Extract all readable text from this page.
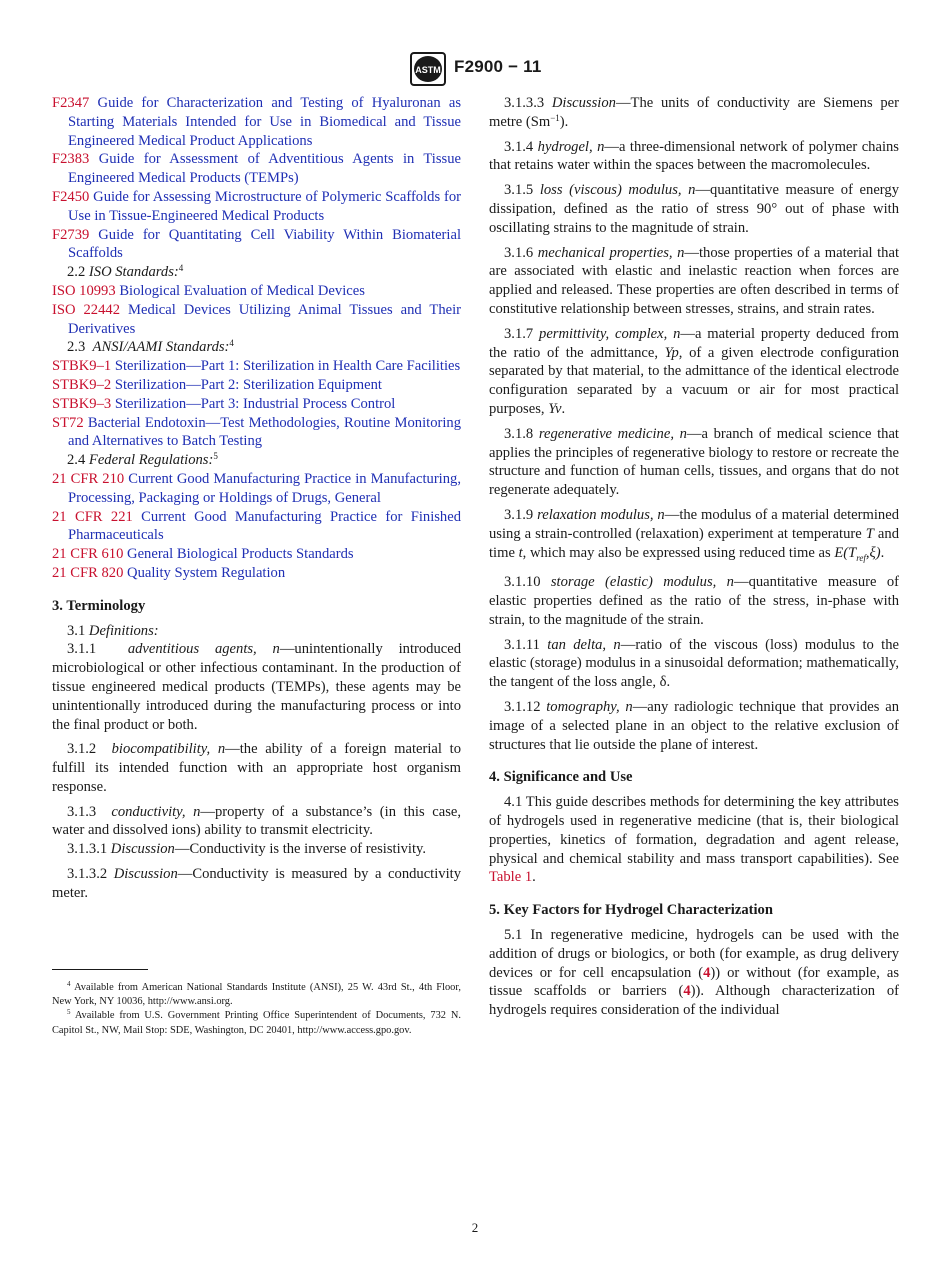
ASTM F2900 − 11

F2347 Guide for Characterization and Testing of Hyaluronan as Starting Materials Intended for Use in Biomedical and Tissue Engineered Medical Product Applications

F2383 Guide for Assessment of Adventitious Agents in Tissue Engineered Medical Products (TEMPs)

F2450 Guide for Assessing Microstructure of Polymeric Scaffolds for Use in Tissue-Engineered Medical Products

F2739 Guide for Quantitating Cell Viability Within Biomaterial Scaffolds

2.2 ISO Standards:$^4$

ISO 10993 Biological Evaluation of Medical Devices

ISO 22442 Medical Devices Utilizing Animal Tissues and Their Derivatives

2.3 ANSI/AAMI Standards:$^4$

STBK9–1 Sterilization—Part 1: Sterilization in Health Care Facilities

STBK9–2 Sterilization—Part 2: Sterilization Equipment

STBK9–3 Sterilization—Part 3: Industrial Process Control

ST72 Bacterial Endotoxin—Test Methodologies, Routine Monitoring and Alternatives to Batch Testing

2.4 Federal Regulations:$^5$

21 CFR 210 Current Good Manufacturing Practice in Manufacturing, Processing, Packaging or Holdings of Drugs, General

21 CFR 221 Current Good Manufacturing Practice for Finished Pharmaceuticals

21 CFR 610 General Biological Products Standards

21 CFR 820 Quality System Regulation

3. Terminology

3.1 Definitions:

3.1.1 adventitious agents, n—unintentionally introduced microbiological or other infectious contaminant. In the production of tissue engineered medical products (TEMPs), these agents may be unintentionally introduced during the manufacturing process or into the final product or both.

3.1.2 biocompatibility, n—the ability of a foreign material to fulfill its intended function with an appropriate host organism response.

3.1.3 conductivity, n—property of a substance’s (in this case, water and dissolved ions) ability to transmit electricity.

3.1.3.1 Discussion—Conductivity is the inverse of resistivity.

3.1.3.2 Discussion—Conductivity is measured by a conductivity meter.

$^4$ Available from American National Standards Institute (ANSI), 25 W. 43rd St., 4th Floor, New York, NY 10036, http://www.ansi.org.

$^5$ Available from U.S. Government Printing Office Superintendent of Documents, 732 N. Capitol St., NW, Mail Stop: SDE, Washington, DC 20401, http://www.access.gpo.gov.

3.1.3.3 Discussion—The units of conductivity are Siemens per metre $(Sm^{-1})$.

3.1.4 hydrogel, n—a three-dimensional network of polymer chains that retains water within the spaces between the macromolecules.

3.1.5 loss (viscous) modulus, n—quantitative measure of energy dissipation, defined as the ratio of stress 90° out of phase with oscillating strains to the magnitude of strain.

3.1.6 mechanical properties, n—those properties of a material that are associated with elastic and inelastic reaction when forces are applied and released. These properties are often described in terms of constitutive relationship between stresses, strains, and strain rates.

3.1.7 permittivity, complex, n—a material property deduced from the ratio of the admittance, Yp, of a given electrode configuration separated by that material, to the admittance of the identical electrode configuration separated by a vacuum or air for most practical purposes, Yv.

3.1.8 regenerative medicine, n—a branch of medical science that applies the principles of regenerative biology to restore or recreate the structure and function of human cells, tissues, and organs that do not regenerate adequately.

3.1.9 relaxation modulus, n—the modulus of a material determined using a strain-controlled (relaxation) experiment at temperature T and time t, which may also be expressed using reduced time as $E(T_{ref},\xi)$.

3.1.10 storage (elastic) modulus, n—quantitative measure of elastic properties defined as the ratio of the stress, in-phase with strain, to the magnitude of the strain.

3.1.11 tan delta, n—ratio of the viscous (loss) modulus to the elastic (storage) modulus in a sinusoidal deformation; mathematically, the tangent of the loss angle, δ.

3.1.12 tomography, n—any radiologic technique that provides an image of a selected plane in an object to the relative exclusion of structures that lie outside the plane of interest.

4. Significance and Use

4.1 This guide describes methods for determining the key attributes of hydrogels used in regenerative medicine (that is, their biological properties, kinetics of formation, degradation and agent release, physical and chemical stability and mass transport capabilities). See Table 1.

5. Key Factors for Hydrogel Characterization

5.1 In regenerative medicine, hydrogels can be used with the addition of drugs or biologics, or both (for example, as drug delivery devices or for cell encapsulation (4)) or without (for example, as tissue scaffolds or barriers (4)). Although characterization of hydrogels requires consideration of the individual

2
